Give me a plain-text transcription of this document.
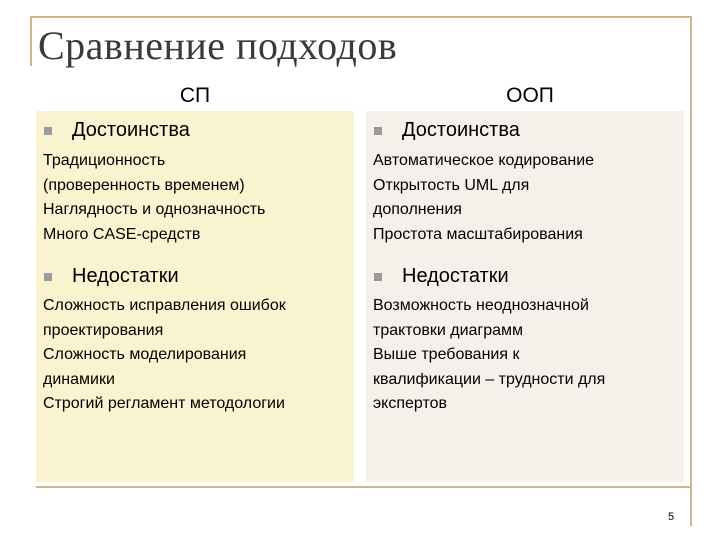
Сравнение подходов
СП	ООП
Достоинства
Традиционность
(проверенность временем)
Наглядность и однозначность
Много CASE-средств
Недостатки
Сложность исправления ошибок
проектирования
Сложность моделирования
динамики
Строгий регламент методологии
Достоинства
Автоматическое кодирование
Открытость UML для
дополнения
Простота масштабирования
Недостатки
Возможность неоднозначной
трактовки диаграмм
Выше требования к
квалификации – трудности для
экспертов
5
